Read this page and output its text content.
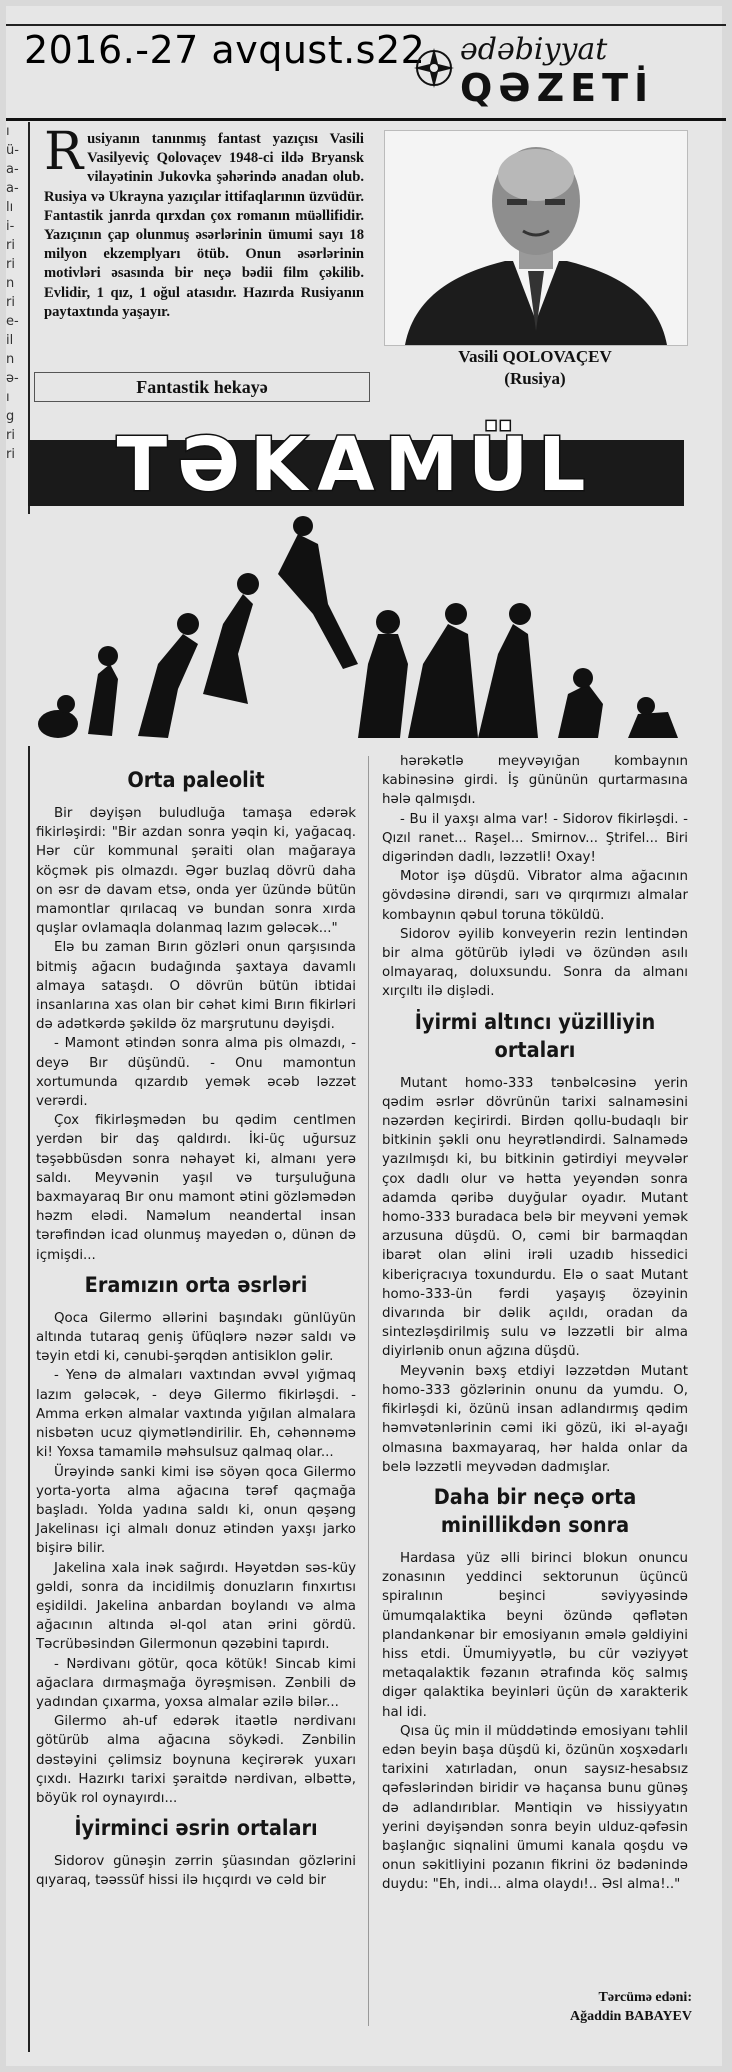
2016.-27 avqust.s22 ədəbiyyat
QƏZETİ
ı
ü-
a-
a-
lı
i-
ri
ri
n
ri
e-
il
n
ə-
ı
g
ri
ri
R usiyanın tanınmış fantast yazıçısı Vasili Vasilyeviç Qolovaçev 1948-ci ildə Bryansk vilayətinin Jukovka şəhərində anadan olub. Rusiya və Ukrayna yazıçılar ittifaqlarının üzvüdür. Fantastik janrda qırxdan çox romanın müəllifidir. Yazıçının çap olunmuş əsərlərinin ümumi sayı 18 milyon ekzemplyarı ötüb. Onun əsərlərinin motivləri əsasında bir neçə bədii film çəkilib. Evlidir, 1 qız, 1 oğul atasıdır. Hazırda Rusiyanın paytaxtında yaşayır.
Vasili QOLOVAÇEV
(Rusiya)
Fantastik hekayə
TƏKAMÜL
Orta paleolit

Bir dəyişən buludluğa tamaşa edərək fikirləşirdi: "Bir azdan sonra yəqin ki, yağacaq. Hər cür kommunal şəraiti olan mağaraya köçmək pis olmazdı. Əgər buzlaq dövrü daha on əsr də davam etsə, onda yer üzündə bütün mamontlar qırılacaq və bundan sonra xırda quşlar ovlamaqla dolanmaq lazım gələcək..."

Elə bu zaman Bırın gözləri onun qarşısında bitmiş ağacın budağında şaxtaya davamlı almaya sataşdı. O dövrün bütün ibtidai insanlarına xas olan bir cəhət kimi Bırın fikirləri də adətkərdə şəkildə öz marşrutunu dəyişdi.

- Mamont ətindən sonra alma pis olmazdı, - deyə Bır düşündü. - Onu mamontun xortumunda qızardıb yemək əcəb ləzzət verərdi.

Çox fikirləşmədən bu qədim centlmen yerdən bir daş qaldırdı. İki-üç uğursuz təşəbbüsdən sonra nəhayət ki, almanı yerə saldı. Meyvənin yaşıl və turşuluğuna baxmayaraq Bır onu mamont ətini gözləmədən həzm elədi. Naməlum neandertal insan tərəfindən icad olunmuş mayedən o, dünən də içmişdi...

Eramızın orta əsrləri

Qoca Gilermo əllərini başındakı günlüyün altında tutaraq geniş üfüqlərə nəzər saldı və təyin etdi ki, cənubi-şərqdən antisiklon gəlir.

- Yenə də almaları vaxtından əvvəl yığmaq lazım gələcək, - deyə Gilermo fikirləşdi. - Amma erkən almalar vaxtında yığılan almalara nisbətən ucuz qiymətləndirilir. Eh, cəhənnəmə ki! Yoxsa tamamilə məhsulsuz qalmaq olar...

Ürəyində sanki kimi isə söyən qoca Gilermo yorta-yorta alma ağacına tərəf qaçmağa başladı. Yolda yadına saldı ki, onun qəşəng Jakelinası içi almalı donuz ətindən yaxşı jarko bişirə bilir.

Jakelina xala inək sağırdı. Həyətdən səs-küy gəldi, sonra da incidilmiş donuzların fınxırtısı eşidildi. Jakelina anbardan boylandı və alma ağacının altında əl-qol atan ərini gördü. Təcrübəsindən Gilermonun qəzəbini tapırdı.

- Nərdivanı götür, qoca kötük! Sincab kimi ağaclara dırmaşmağa öyrəşmisən. Zənbili də yadından çıxarma, yoxsa almalar əzilə bilər...

Gilermo ah-uf edərək itaətlə nərdivanı götürüb alma ağacına söykədi. Zənbilin dəstəyini çəlimsiz boynuna keçirərək yuxarı çıxdı. Hazırkı tarixi şəraitdə nərdivan, əlbəttə, böyük rol oynayırdı...

İyirminci əsrin ortaları

Sidorov günəşin zərrin şüasından gözlərini qıyaraq, təəssüf hissi ilə hıçqırdı və cəld bir

hərəkətlə meyvəyığan kombaynın kabinəsinə girdi. İş gününün qurtarmasına hələ qalmışdı.

- Bu il yaxşı alma var! - Sidorov fikirləşdi. - Qızıl ranet... Raşel... Smirnov... Ştrifel... Biri digərindən dadlı, ləzzətli! Oxay!

Motor işə düşdü. Vibrator alma ağacının gövdəsinə dirəndi, sarı və qırqırmızı almalar kombaynın qəbul toruna töküldü.

Sidorov əyilib konveyerin rezin lentindən bir alma götürüb iylədi və özündən asılı olmayaraq, doluxsundu. Sonra da almanı xırçıltı ilə dişlədi.

İyirmi altıncı yüzilliyin ortaları

Mutant homo-333 tənbəlcəsinə yerin qədim əsrlər dövrünün tarixi salnaməsini nəzərdən keçirirdi. Birdən qollu-budaqlı bir bitkinin şəkli onu heyrətləndirdi. Salnamədə yazılmışdı ki, bu bitkinin gətirdiyi meyvələr çox dadlı olur və hətta yeyəndən sonra adamda qəribə duyğular oyadır. Mutant homo-333 buradaca belə bir meyvəni yemək arzusuna düşdü. O, cəmi bir barmaqdan ibarət olan əlini irəli uzadıb hissedici kiberiçracıya toxundurdu. Elə o saat Mutant homo-333-ün fərdi yaşayış özəyinin divarında bir dəlik açıldı, oradan da sintezləşdirilmiş sulu və ləzzətli bir alma diyirlənib onun ağzına düşdü.

Meyvənin bəxş etdiyi ləzzətdən Mutant homo-333 gözlərinin onunu da yumdu. O, fikirləşdi ki, özünü insan adlandırmış qədim həmvətənlərinin cəmi iki gözü, iki əl-ayağı olmasına baxmayaraq, hər halda onlar da belə ləzzətli meyvədən dadmışlar.

Daha bir neçə orta minillikdən sonra

Hardasa yüz əlli birinci blokun onuncu zonasının yeddinci sektorunun üçüncü spiralının beşinci səviyyəsində ümumqalaktika beyni özündə qəflətən plandankənar bir emosiyanın əmələ gəldiyini hiss etdi. Ümumiyyətlə, bu cür vəziyyət metaqalaktik fəzanın ətrafında köç salmış digər qalaktika beyinləri üçün də xarakterik hal idi.

Qısa üç min il müddətində emosiyanı təhlil edən beyin başa düşdü ki, özünün xoşxədarlı tarixini xatırladan, onun saysız-hesabsız qəfəslərindən biridir və haçansa bunu günəş də adlandırıblar. Məntiqin və hissiyyatın yerini dəyişəndən sonra beyin ulduz-qəfəsin başlanğıc siqnalini ümumi kanala qoşdu və onun səkitliyini pozanın fikrini öz bədənində duydu: "Eh, indi... alma olaydı!.. Əsl alma!.."

Tərcümə edəni:
Ağaddin BABAYEV
